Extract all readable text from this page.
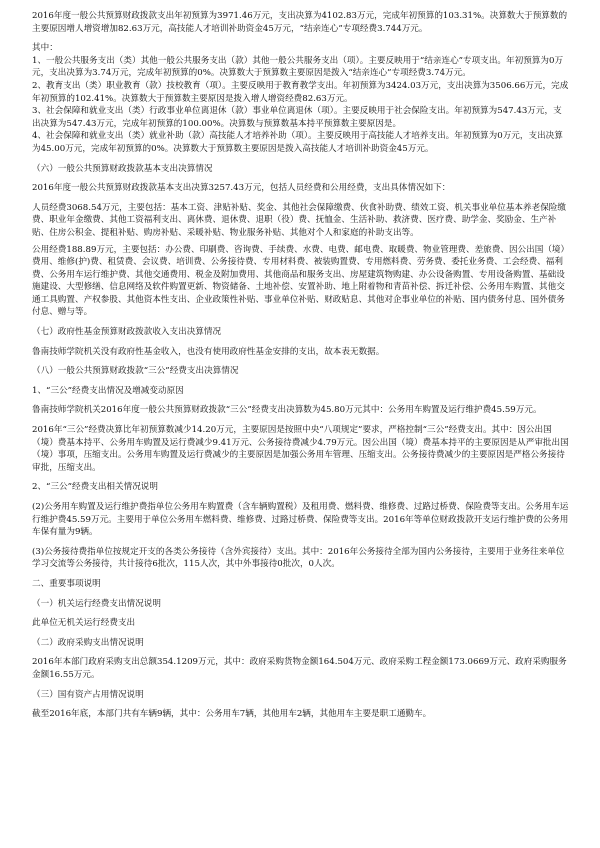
2016年度一般公共预算财政拨款支出年初预算为3971.46万元，支出决算为4102.83万元，完成年初预算的103.31%。决算数大于预算数的主要原因增人增资增加82.63万元，高技能人才培训补助资金45万元，“结亲连心”专项经费3.744万元。
其中：
1、一般公共服务支出（类）其他一般公共服务支出（款）其他一般公共服务支出（项）。主要反映用于“结亲连心”专项支出。年初预算为0万元，支出决算为3.74万元，完成年初预算的0%。决算数大于预算数主要原因是拨入“结亲连心”专项经费3.74万元。
2、教育支出（类）职业教育（款）技校教育（项）。主要反映用于教育教学支出。年初预算为3424.03万元，支出决算为3506.66万元，完成年初预算的102.41%。决算数大于预算数主要原因是拨入增人增资经费82.63万元。
3、社会保障和就业支出（类）行政事业单位离退休（款）事业单位离退休（项）。主要反映用于社会保险支出。年初预算为547.43万元，支出决算为547.43万元，完成年初预算的100.00%。决算数与预算数基本持平预算数主要原因是。
4、社会保障和就业支出（类）就业补助（款）高技能人才培养补助（项）。主要反映用于高技能人才培养支出。年初预算为0万元，支出决算为45.00万元，完成年初预算的0%。决算数大于预算数主要原因是拨入高技能人才培训补助资金45万元。
（六）一般公共预算财政拨款基本支出决算情况
2016年度一般公共预算财政拨款基本支出决算3257.43万元，包括人员经费和公用经费，支出具体情况如下：
人员经费3068.54万元，主要包括：基本工资、津贴补贴、奖金、其他社会保障缴费、伙食补助费、绩效工资、机关事业单位基本养老保险缴费、职业年金缴费、其他工资福利支出、离休费、退休费、退职（役）费、抚恤金、生活补助、救济费、医疗费、助学金、奖励金、生产补贴、住房公积金、提租补贴、购房补贴、采暖补贴、物业服务补贴、其他对个人和家庭的补助支出等。
公用经费188.89万元，主要包括：办公费、印刷费、咨询费、手续费、水费、电费、邮电费、取暖费、物业管理费、差旅费、因公出国（境）费用、维修(护)费、租赁费、会议费、培训费、公务接待费、专用材料费、被装购置费、专用燃料费、劳务费、委托业务费、工会经费、福利费、公务用车运行维护费、其他交通费用、税金及附加费用、其他商品和服务支出、房屋建筑物购建、办公设备购置、专用设备购置、基础设施建设、大型修缮、信息网络及软件购置更新、物资储备、土地补偿、安置补助、地上附着物和青苗补偿、拆迁补偿、公务用车购置、其他交通工具购置、产权参股、其他资本性支出、企业政策性补贴、事业单位补贴、财政贴息、其他对企事业单位的补贴、国内债务付息、国外债务付息、赠与等。
（七）政府性基金预算财政拨款收入支出决算情况
鲁南技师学院机关没有政府性基金收入，也没有使用政府性基金安排的支出，故本表无数据。
（八）一般公共预算财政拨款“三公”经费支出决算情况
1、“三公”经费支出情况及增减变动原因
鲁南技师学院机关2016年度一般公共预算财政拨款“三公”经费支出决算数为45.80万元其中：公务用车购置及运行维护费45.59万元。
2016年“三公”经费决算比年初预算数减少14.20万元，主要原因是按照中央“八项规定”要求，严格控制“三公”经费支出。其中：因公出国（境）费基本持平、公务用车购置及运行费减少9.41万元、公务接待费减少4.79万元。因公出国（境）费基本持平的主要原因是从严审批出国（境）事项，压缩支出。公务用车购置及运行费减少的主要原因是加强公务用车管理、压缩支出。公务接待费减少的主要原因是严格公务接待审批，压缩支出。
2、“三公”经费支出相关情况说明
(2)公务用车购置及运行维护费指单位公务用车购置费（含车辆购置税）及租用费、燃料费、维修费、过路过桥费、保险费等支出。公务用车运行维护费45.59万元。主要用于单位公务用车燃料费、维修费、过路过桥费、保险费等支出。2016年等单位财政拨款开支运行维护费的公务用车保有量为9辆。
(3)公务接待费指单位按规定开支的各类公务接待（含外宾接待）支出。其中：2016年公务接待全部为国内公务接待，主要用于业务往来单位学习交流等公务接待，共计接待6批次，115人次，其中外事接待0批次，0人次。
二、重要事项说明
（一）机关运行经费支出情况说明
此单位无机关运行经费支出
（二）政府采购支出情况说明
2016年本部门政府采购支出总额354.1209万元，其中：政府采购货物金额164.504万元、政府采购工程金额173.0669万元、政府采购服务金额16.55万元。
（三）国有资产占用情况说明
截至2016年底，本部门共有车辆9辆，其中：公务用车7辆，其他用车2辆，其他用车主要是职工通勤车。
